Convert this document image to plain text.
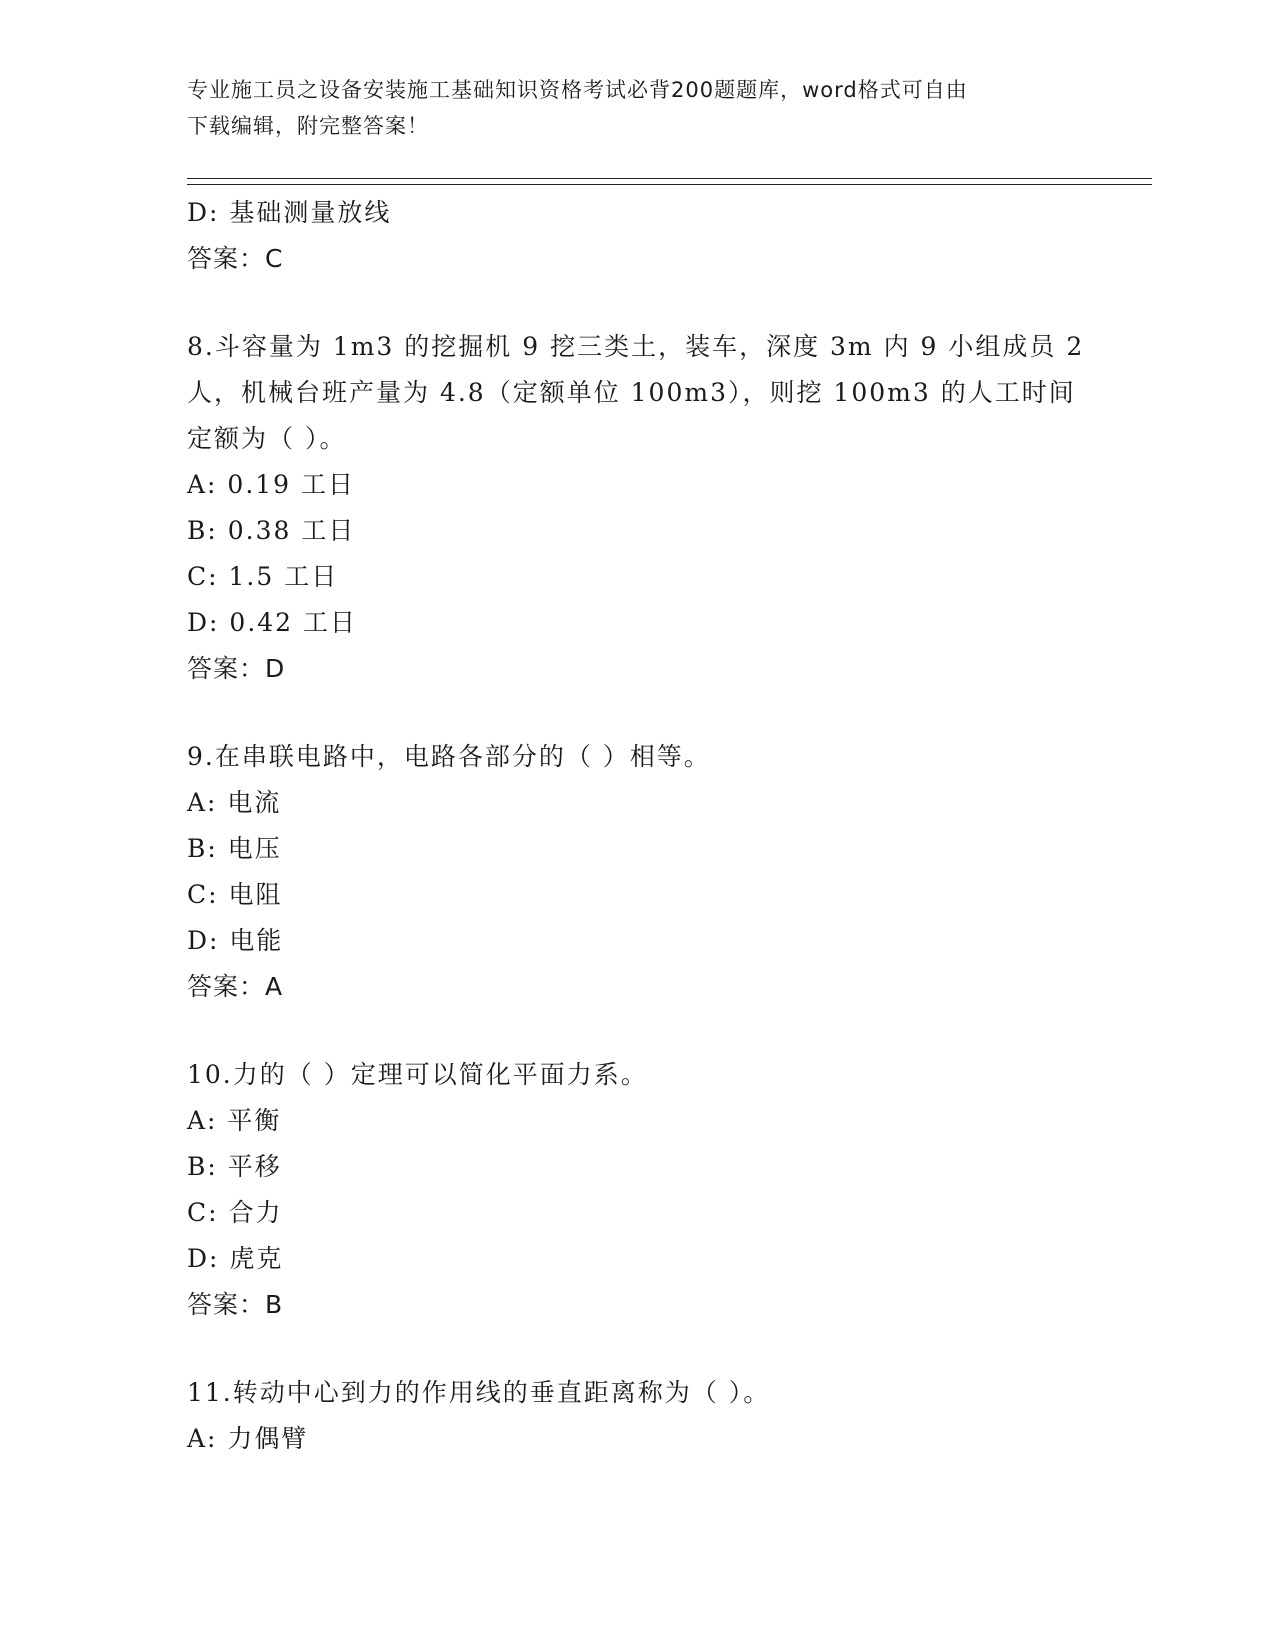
专业施工员之设备安装施工基础知识资格考试必背200题题库，word格式可自由
下载编辑，附完整答案！
D: 基础测量放线
答案：C
8.斗容量为 1m3 的挖掘机 9 挖三类土，装车，深度 3m 内 9 小组成员 2 人，机械台班产量为 4.8（定额单位 100m3），则挖 100m3 的人工时间定额为（ ）。
A: 0.19 工日
B: 0.38 工日
C: 1.5 工日
D: 0.42 工日
答案：D
9.在串联电路中，电路各部分的（ ）相等。
A: 电流
B: 电压
C: 电阻
D: 电能
答案：A
10.力的（ ）定理可以简化平面力系。
A: 平衡
B: 平移
C: 合力
D: 虎克
答案：B
11.转动中心到力的作用线的垂直距离称为（ ）。
A: 力偶臂
